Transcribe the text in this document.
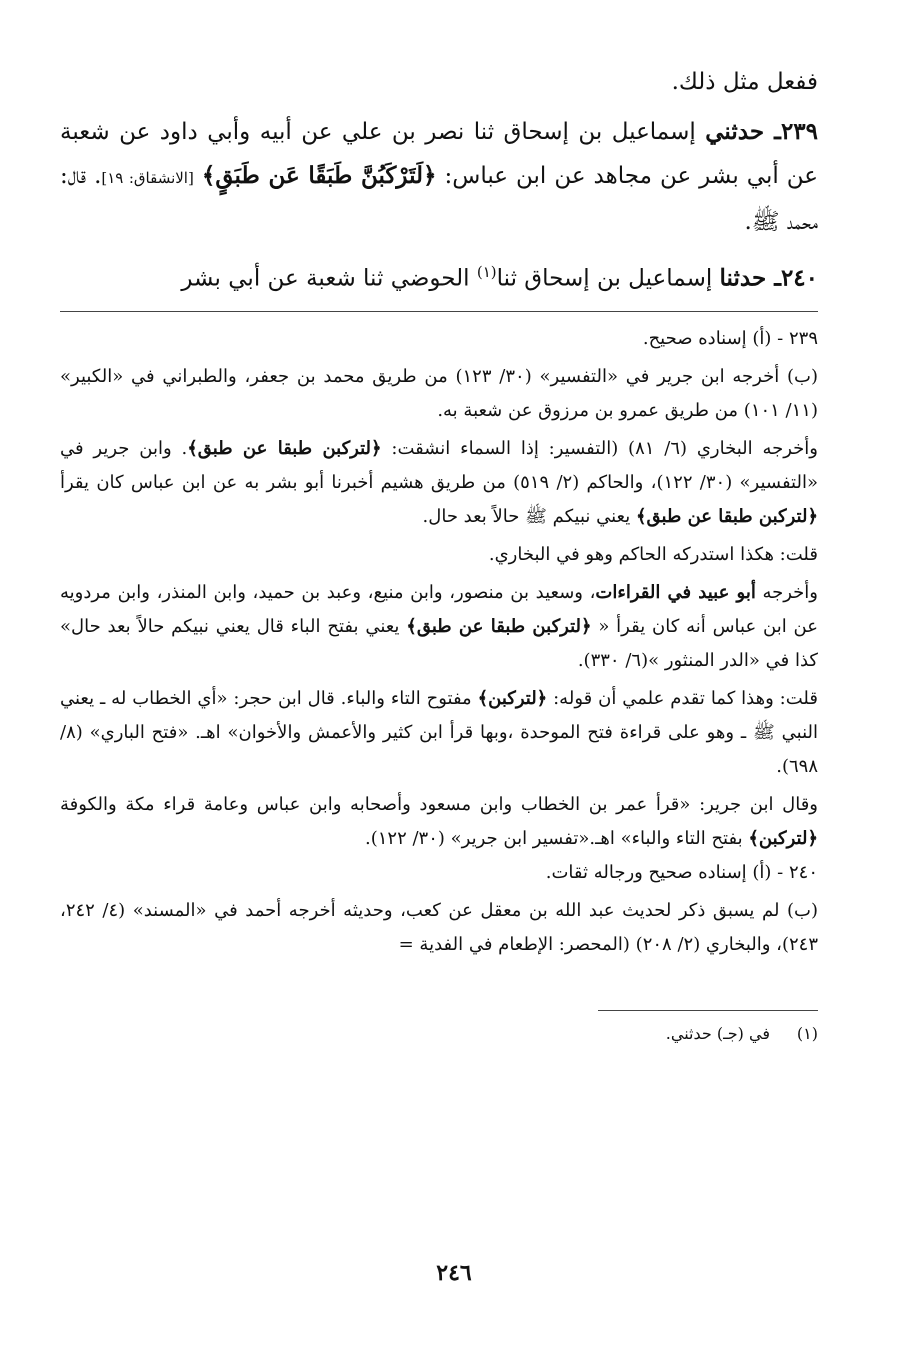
ففعل مثل ذلك.

٢٣٩ـ حدثني إسماعيل بن إسحاق ثنا نصر بن علي عن أبيه وأبي داود عن شعبة عن أبي بشر عن مجاهد عن ابن عباس: ﴿لَتَرْكَبُنَّ طَبَقًا عَن طَبَقٍ﴾ [الانشقاق: ١٩]. قال: محمد ﷺ.

٢٤٠ـ حدثنا إسماعيل بن إسحاق ثنا$^{(١)}$ الحوضي ثنا شعبة عن أبي بشر

٢٣٩ - (أ) إسناده صحيح.

(ب) أخرجه ابن جرير في «التفسير» (٣٠/ ١٢٣) من طريق محمد بن جعفر، والطبراني في «الكبير» (١١/ ١٠١) من طريق عمرو بن مرزوق عن شعبة به.

وأخرجه البخاري (٦/ ٨١) (التفسير: إذا السماء انشقت: ﴿لتركبن طبقا عن طبق﴾. وابن جرير في «التفسير» (٣٠/ ١٢٢)، والحاكم (٢/ ٥١٩) من طريق هشيم أخبرنا أبو بشر به عن ابن عباس كان يقرأ ﴿لتركبن طبقا عن طبق﴾ يعني نبيكم ﷺ حالاً بعد حال.

قلت: هكذا استدركه الحاكم وهو في البخاري.

وأخرجه أبو عبيد في القراءات، وسعيد بن منصور، وابن منيع، وعبد بن حميد، وابن المنذر، وابن مردويه عن ابن عباس أنه كان يقرأ « ﴿لتركبن طبقا عن طبق﴾ يعني بفتح الباء قال يعني نبيكم حالاً بعد حال» كذا في «الدر المنثور »(٦/ ٣٣٠).

قلت: وهذا كما تقدم علمي أن قوله: ﴿لتركبن﴾ مفتوح التاء والباء. قال ابن حجر: «أي الخطاب له ـ يعني النبي ﷺ ـ وهو على قراءة فتح الموحدة ،وبها قرأ ابن كثير والأعمش والأخوان» اهـ. «فتح الباري» (٨/ ٦٩٨).

وقال ابن جرير: «قرأ عمر بن الخطاب وابن مسعود وأصحابه وابن عباس وعامة قراء مكة والكوفة ﴿لتركبن﴾ بفتح التاء والباء» اهـ.«تفسير ابن جرير» (٣٠/ ١٢٢).

٢٤٠ - (أ) إسناده صحيح ورجاله ثقات.

(ب) لم يسبق ذكر لحديث عبد الله بن معقل عن كعب، وحديثه أخرجه أحمد في «المسند» (٤/ ٢٤٢، ٢٤٣)، والبخاري (٢/ ٢٠٨) (المحصر: الإطعام في الفدية =

(١)في (جـ) حدثني.

٢٤٦
